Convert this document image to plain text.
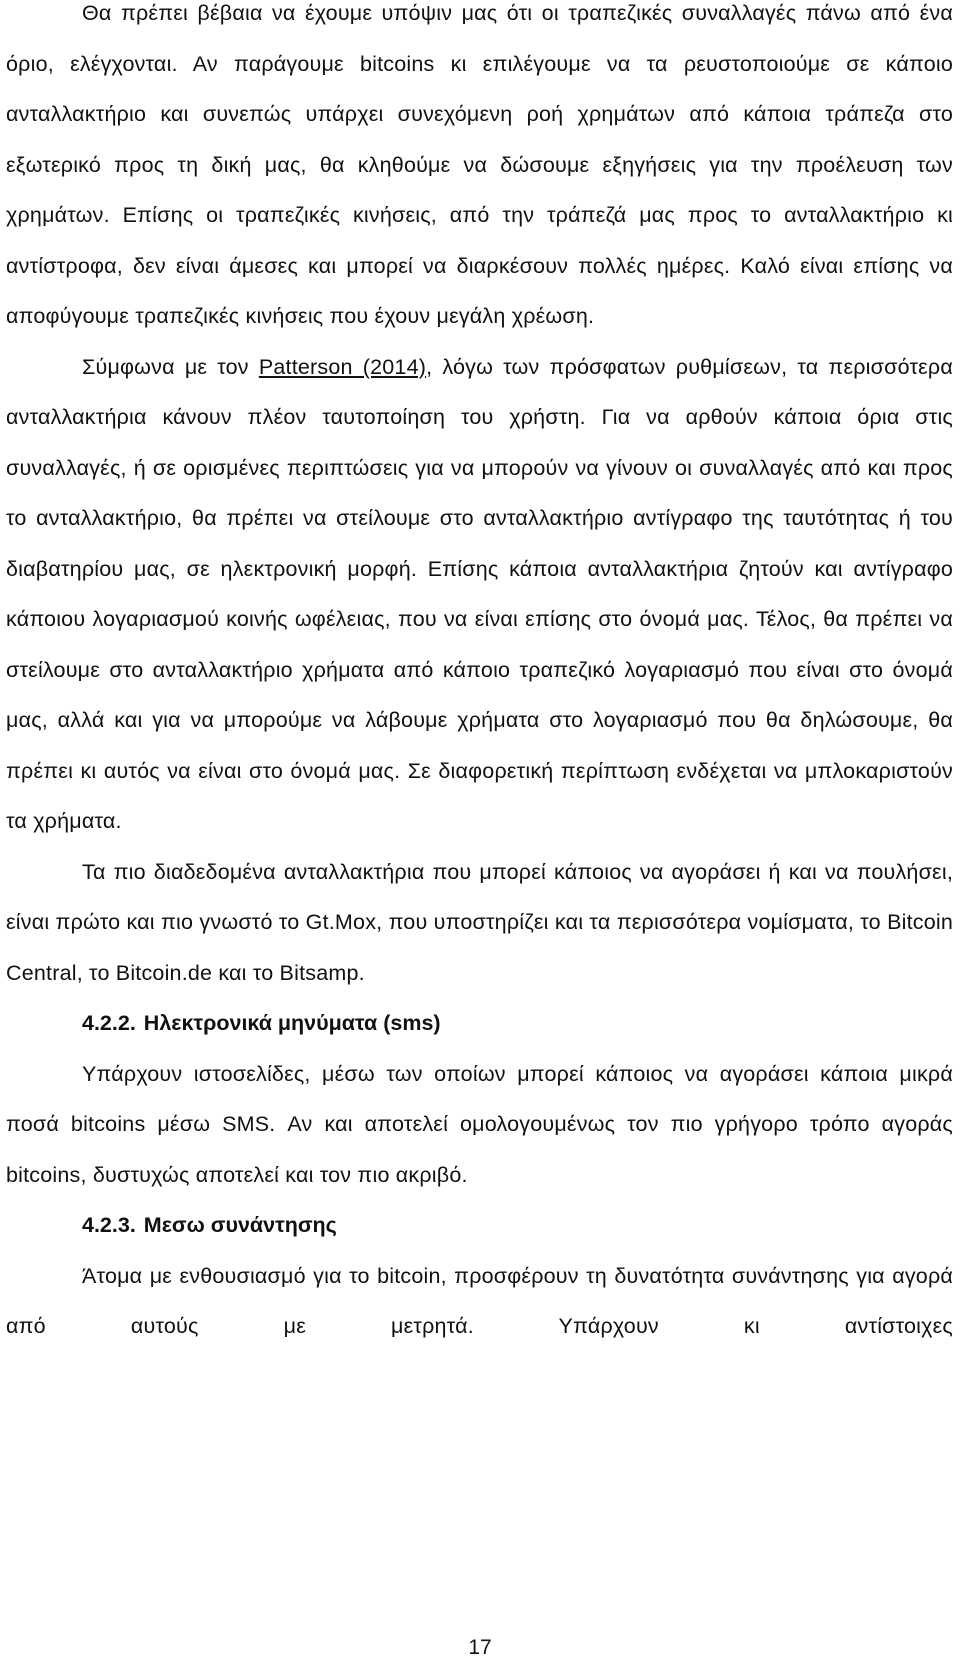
Θα πρέπει βέβαια να έχουμε υπόψιν μας ότι οι τραπεζικές συναλλαγές πάνω από ένα όριο, ελέγχονται. Αν παράγουμε bitcoins κι επιλέγουμε να τα ρευστοποιούμε σε κάποιο ανταλλακτήριο και συνεπώς υπάρχει συνεχόμενη ροή χρημάτων από κάποια τράπεζα στο εξωτερικό προς τη δική μας, θα κληθούμε να δώσουμε εξηγήσεις για την προέλευση των χρημάτων. Επίσης οι τραπεζικές κινήσεις, από την τράπεζά μας προς το ανταλλακτήριο κι αντίστροφα, δεν είναι άμεσες και μπορεί να διαρκέσουν πολλές ημέρες. Καλό είναι επίσης να αποφύγουμε τραπεζικές κινήσεις που έχουν μεγάλη χρέωση.

Σύμφωνα με τον Patterson (2014), λόγω των πρόσφατων ρυθμίσεων, τα περισσότερα ανταλλακτήρια κάνουν πλέον ταυτοποίηση του χρήστη. Για να αρθούν κάποια όρια στις συναλλαγές, ή σε ορισμένες περιπτώσεις για να μπορούν να γίνουν οι συναλλαγές από και προς το ανταλλακτήριο, θα πρέπει να στείλουμε στο ανταλλακτήριο αντίγραφο της ταυτότητας ή του διαβατηρίου μας, σε ηλεκτρονική μορφή. Επίσης κάποια ανταλλακτήρια ζητούν και αντίγραφο κάποιου λογαριασμού κοινής ωφέλειας, που να είναι επίσης στο όνομά μας. Τέλος, θα πρέπει να στείλουμε στο ανταλλακτήριο χρήματα από κάποιο τραπεζικό λογαριασμό που είναι στο όνομά μας, αλλά και για να μπορούμε να λάβουμε χρήματα στο λογαριασμό που θα δηλώσουμε, θα πρέπει κι αυτός να είναι στο όνομά μας. Σε διαφορετική περίπτωση ενδέχεται να μπλοκαριστούν τα χρήματα.

Τα πιο διαδεδομένα ανταλλακτήρια που μπορεί κάποιος να αγοράσει ή και να πουλήσει, είναι πρώτο και πιο γνωστό το Gt.Mox, που υποστηρίζει και τα περισσότερα νομίσματα, το Bitcoin Central, το Bitcoin.de και το Bitsamp.

4.2.2. Ηλεκτρονικά μηνύματα (sms)

Υπάρχουν ιστοσελίδες, μέσω των οποίων μπορεί κάποιος να αγοράσει κάποια μικρά ποσά bitcoins μέσω SMS. Αν και αποτελεί ομολογουμένως τον πιο γρήγορο τρόπο αγοράς bitcoins, δυστυχώς αποτελεί και τον πιο ακριβό.

4.2.3. Μεσω συνάντησης

Άτομα με ενθουσιασμό για το bitcoin, προσφέρουν τη δυνατότητα συνάντησης για αγορά από αυτούς με μετρητά. Υπάρχουν κι αντίστοιχες

17
